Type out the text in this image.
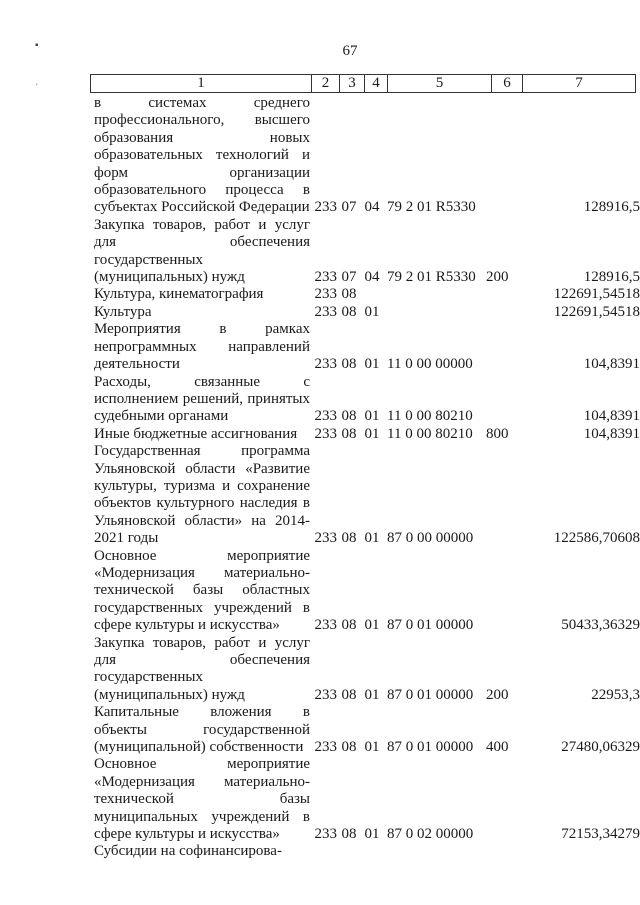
▪
′
67
1	2	3	4	5	6	7
в системах среднего профессионального, высшего образования новых образовательных технологий и форм организации образовательного процесса в субъектах Российской Федерации	233	07	04	79 2 01 R5330		128916,5
Закупка товаров, работ и услуг для обеспечения государственных (муниципальных) нужд	233	07	04	79 2 01 R5330	200	128916,5
Культура, кинематография	233	08				122691,54518
Культура	233	08	01			122691,54518
Мероприятия в рамках непрограммных направлений деятельности	233	08	01	11 0 00 00000		104,8391
Расходы, связанные с исполнением решений, принятых судебными органами	233	08	01	11 0 00 80210		104,8391
Иные бюджетные ассигнования	233	08	01	11 0 00 80210	800	104,8391
Государственная программа Ульяновской области «Развитие культуры, туризма и сохранение объектов культурного наследия в Ульяновской области» на 2014-2021 годы	233	08	01	87 0 00 00000		122586,70608
Основное мероприятие «Модернизация материально-технической базы областных государственных учреждений в сфере культуры и искусства»	233	08	01	87 0 01 00000		50433,36329
Закупка товаров, работ и услуг для обеспечения государственных (муниципальных) нужд	233	08	01	87 0 01 00000	200	22953,3
Капитальные вложения в объекты государственной (муниципальной) собственности	233	08	01	87 0 01 00000	400	27480,06329
Основное мероприятие «Модернизация материально-технической базы муниципальных учреждений в сфере культуры и искусства»	233	08	01	87 0 02 00000		72153,34279
Субсидии на софинансирова-						
